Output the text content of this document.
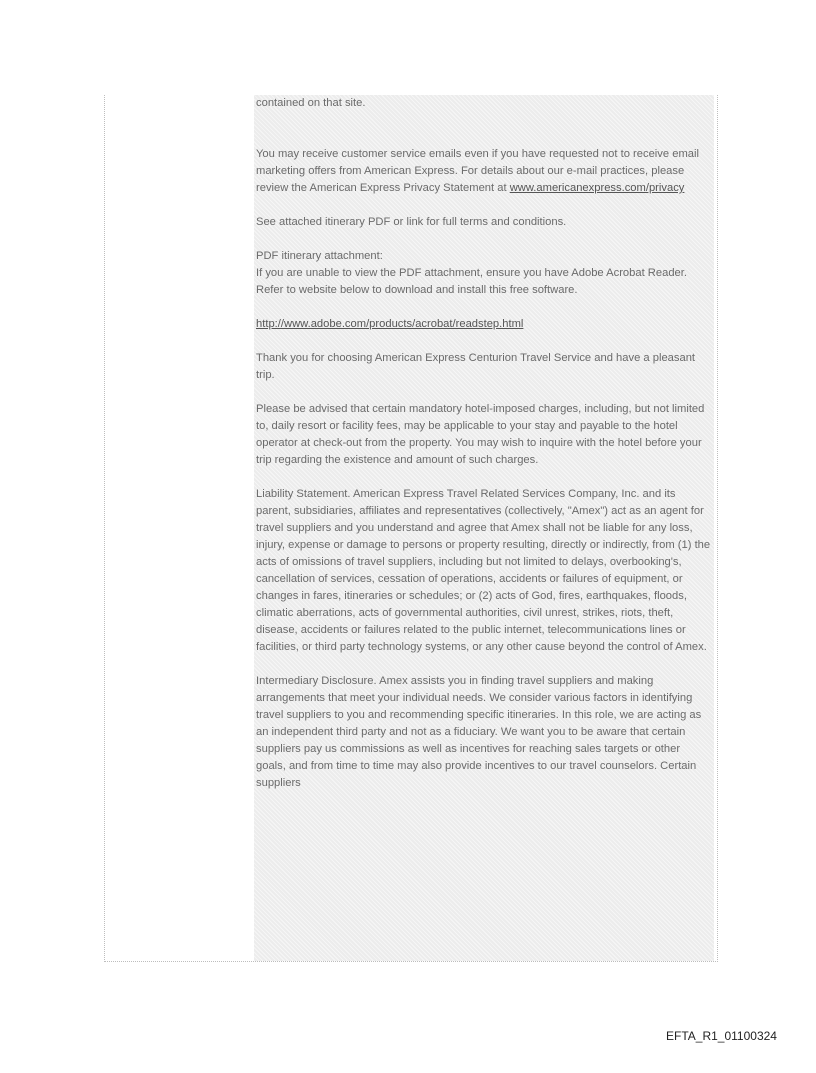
contained on that site.

You may receive customer service emails even if you have requested not to receive email marketing offers from American Express. For details about our e-mail practices, please review the American Express Privacy Statement at www.americanexpress.com/privacy

See attached itinerary PDF or link for full terms and conditions.

PDF itinerary attachment:

If you are unable to view the PDF attachment, ensure you have Adobe Acrobat Reader. Refer to website below to download and install this free software.

http://www.adobe.com/products/acrobat/readstep.html

Thank you for choosing American Express Centurion Travel Service and have a pleasant trip.

Please be advised that certain mandatory hotel-imposed charges, including, but not limited to, daily resort or facility fees, may be applicable to your stay and payable to the hotel operator at check-out from the property. You may wish to inquire with the hotel before your trip regarding the existence and amount of such charges.

Liability Statement. American Express Travel Related Services Company, Inc. and its parent, subsidiaries, affiliates and representatives (collectively, "Amex") act as an agent for travel suppliers and you understand and agree that Amex shall not be liable for any loss, injury, expense or damage to persons or property resulting, directly or indirectly, from (1) the acts of omissions of travel suppliers, including but not limited to delays, overbooking's, cancellation of services, cessation of operations, accidents or failures of equipment, or changes in fares, itineraries or schedules; or (2) acts of God, fires, earthquakes, floods, climatic aberrations, acts of governmental authorities, civil unrest, strikes, riots, theft, disease, accidents or failures related to the public internet, telecommunications lines or facilities, or third party technology systems, or any other cause beyond the control of Amex.

Intermediary Disclosure. Amex assists you in finding travel suppliers and making arrangements that meet your individual needs. We consider various factors in identifying travel suppliers to you and recommending specific itineraries. In this role, we are acting as an independent third party and not as a fiduciary. We want you to be aware that certain suppliers pay us commissions as well as incentives for reaching sales targets or other goals, and from time to time may also provide incentives to our travel counselors. Certain suppliers

EFTA_R1_01100324
